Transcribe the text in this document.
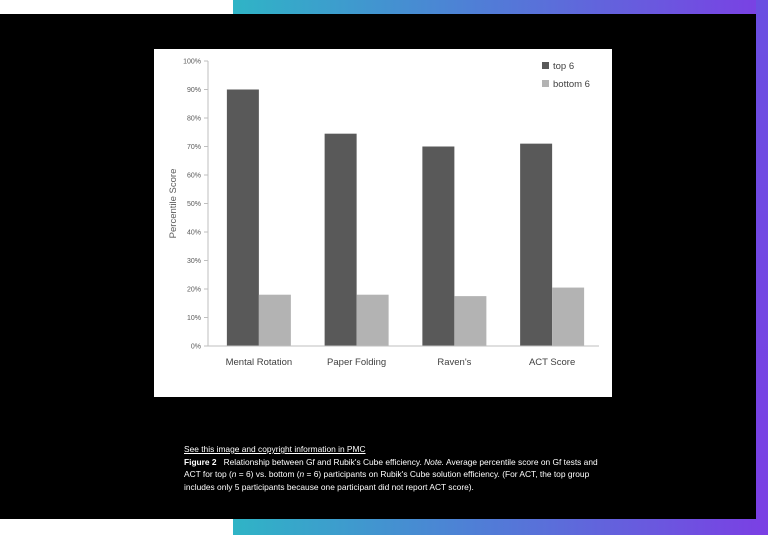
0%
10%
20%
30%
40%
50%
60%
70%
80%
90%
100%
Mental Rotation	Paper Folding	Raven's	ACT Score
Percentile Score
top 6
bottom 6
See this image and copyright information in PMC
Figure 2 Relationship between Gf and Rubik's Cube efficiency. Note. Average percentile score on Gf tests and ACT for top (n = 6) vs. bottom (n = 6) participants on Rubik's Cube solution efficiency. (For ACT, the top group includes only 5 participants because one participant did not report ACT score).
